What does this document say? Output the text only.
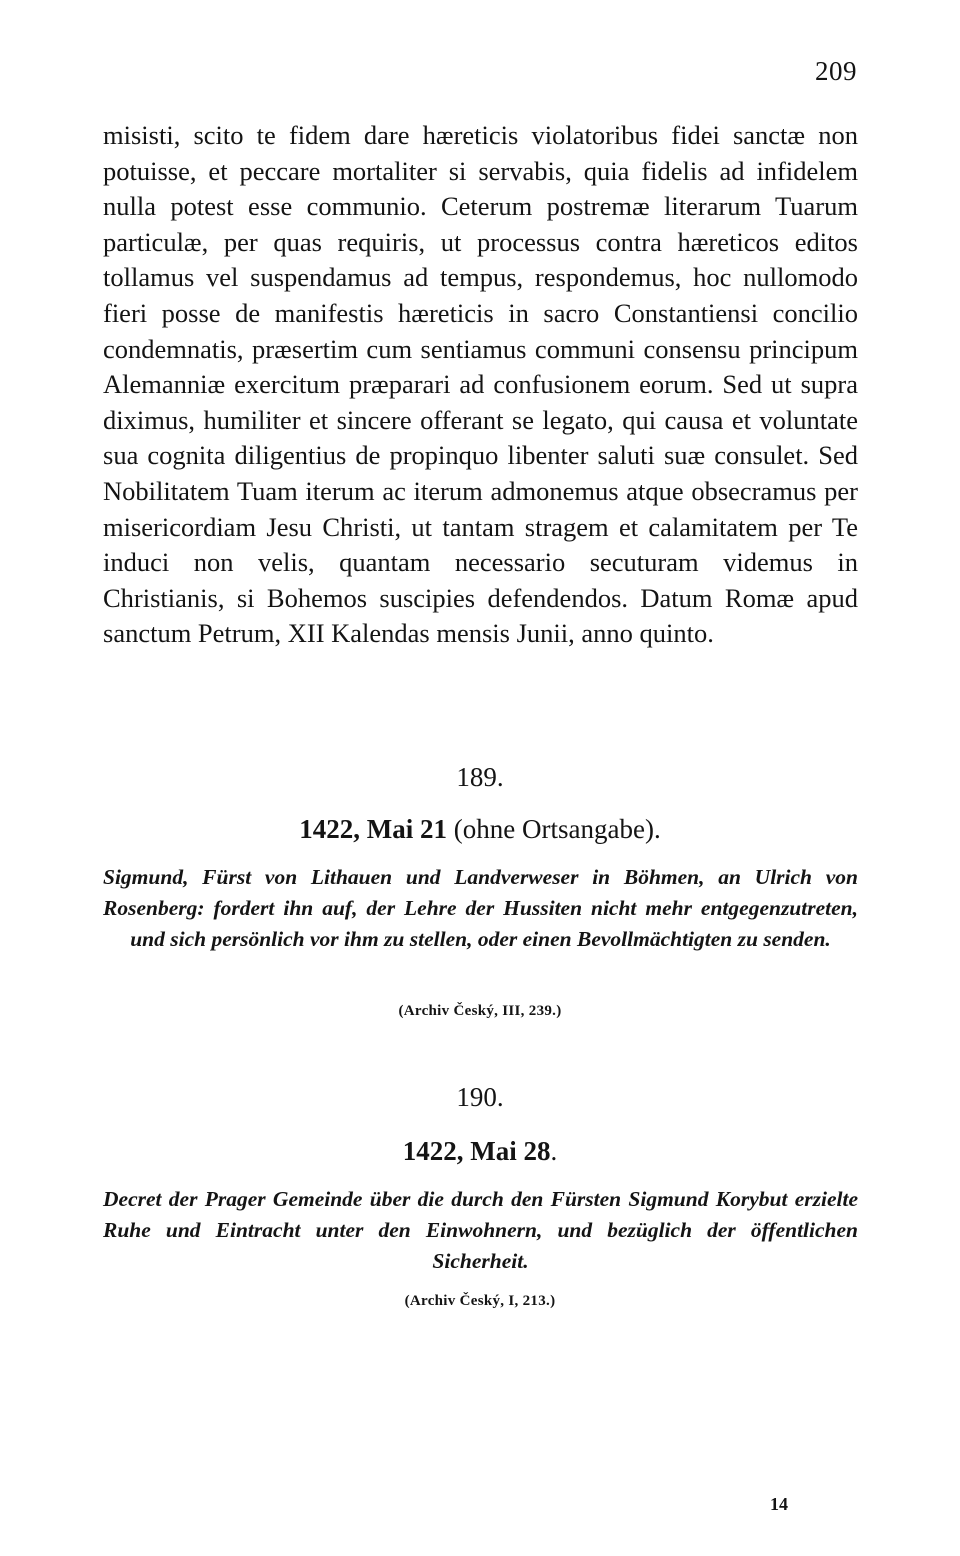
209

misisti, scito te fidem dare hæreticis violatoribus fidei sanctæ non potuisse, et peccare mortaliter si servabis, quia fidelis ad infidelem nulla potest esse communio. Ceterum postremæ literarum Tuarum particulæ, per quas requiris, ut processus contra hæreticos editos tollamus vel suspendamus ad tempus, respondemus, hoc nullomodo fieri posse de manifestis hæreticis in sacro Constantiensi concilio condemnatis, præsertim cum sentiamus communi consensu principum Alemanniæ exercitum præparari ad confusionem eorum. Sed ut supra diximus, humiliter et sincere offerant se legato, qui causa et voluntate sua cognita diligentius de propinquo libenter saluti suæ consulet. Sed Nobilitatem Tuam iterum ac iterum admonemus atque obsecramus per misericordiam Jesu Christi, ut tantam stragem et calamitatem per Te induci non velis, quantam necessario secuturam videmus in Christianis, si Bohemos suscipies defendendos. Datum Romæ apud sanctum Petrum, XII Kalendas mensis Junii, anno quinto.

189.
1422, Mai 21 (ohne Ortsangabe).

Sigmund, Fürst von Lithauen und Landverweser in Böhmen, an Ulrich von Rosenberg: fordert ihn auf, der Lehre der Hussiten nicht mehr entgegenzutreten, und sich persönlich vor ihm zu stellen, oder einen Bevollmächtigten zu senden.

(Archiv Český, III, 239.)
190.
1422, Mai 28.

Decret der Prager Gemeinde über die durch den Fürsten Sigmund Korybut erzielte Ruhe und Eintracht unter den Einwohnern, und bezüglich der öffentlichen Sicherheit.

(Archiv Český, I, 213.)
14
